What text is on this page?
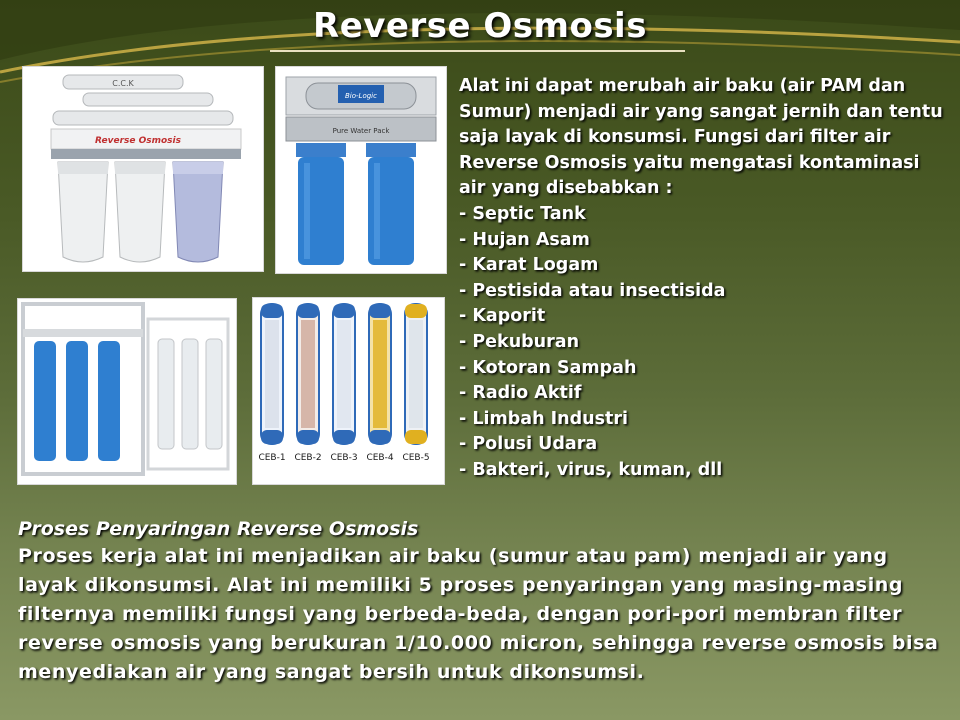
Reverse Osmosis
C.C.K
Reverse Osmosis
Bio-Logic
Pure Water Pack
CEB-1 CEB-2 CEB-3 CEB-4 CEB-5
Alat ini dapat merubah air baku (air PAM dan Sumur) menjadi air yang sangat jernih dan tentu saja layak di konsumsi. Fungsi dari filter air Reverse Osmosis yaitu mengatasi kontaminasi air yang disebabkan :
- Septic Tank
- Hujan Asam
- Karat Logam
- Pestisida atau insectisida
- Kaporit
- Pekuburan
- Kotoran Sampah
- Radio Aktif
- Limbah Industri
- Polusi Udara
- Bakteri, virus, kuman, dll
Proses Penyaringan Reverse Osmosis
Proses kerja alat ini menjadikan air baku (sumur atau pam) menjadi air yang layak dikonsumsi. Alat ini memiliki 5 proses penyaringan yang masing-masing filternya memiliki fungsi yang berbeda-beda, dengan pori-pori membran filter reverse osmosis yang berukuran 1/10.000 micron, sehingga reverse osmosis bisa menyediakan air yang sangat bersih untuk dikonsumsi.
